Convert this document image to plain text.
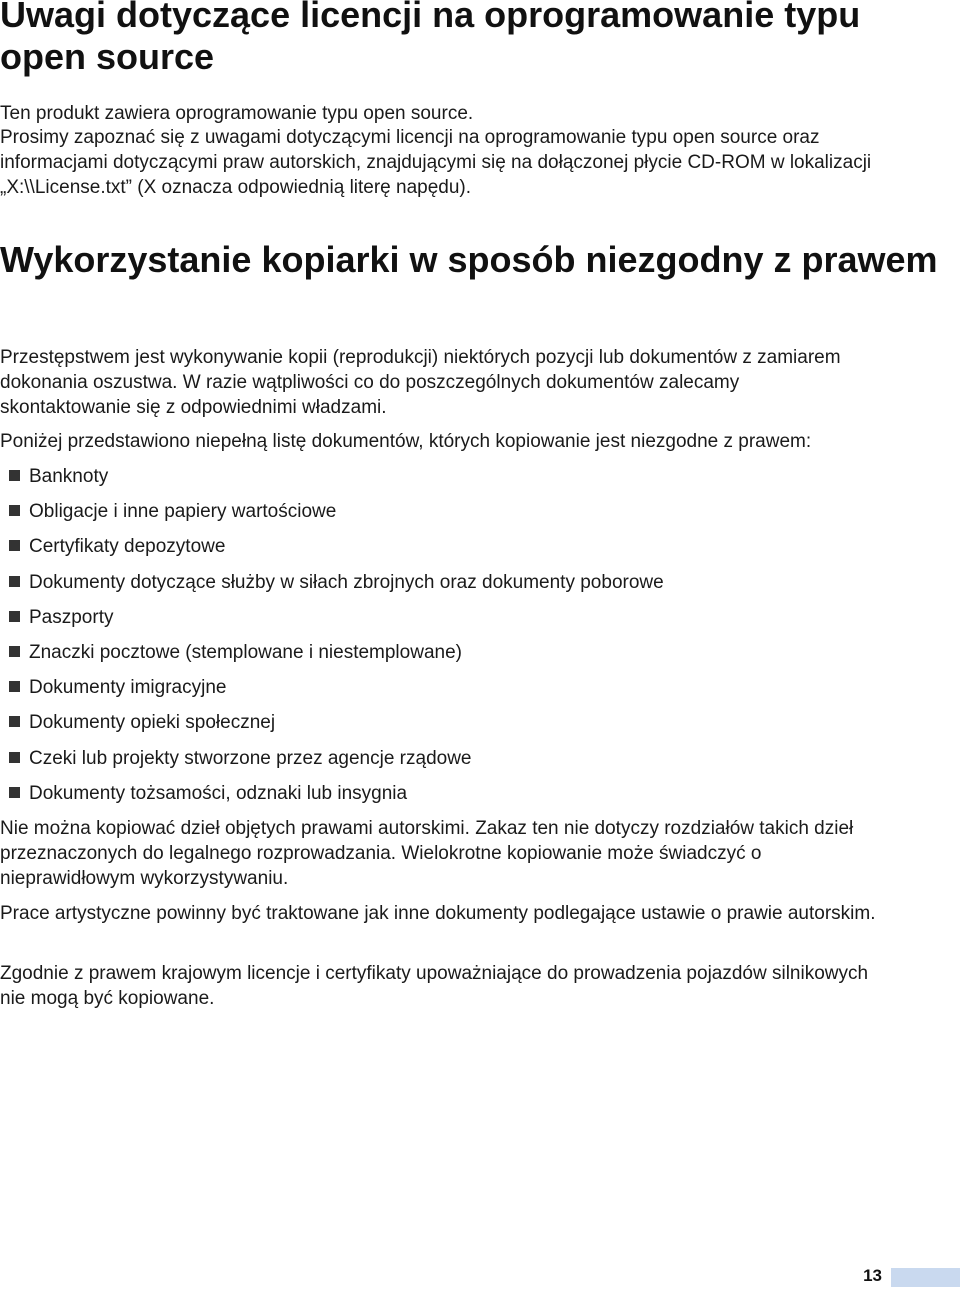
Uwagi dotyczące licencji na oprogramowanie typu open source

Ten produkt zawiera oprogramowanie typu open source.

Prosimy zapoznać się z uwagami dotyczącymi licencji na oprogramowanie typu open source oraz informacjami dotyczącymi praw autorskich, znajdującymi się na dołączonej płycie CD-ROM w lokalizacji „X:\\License.txt” (X oznacza odpowiednią literę napędu).

Wykorzystanie kopiarki w sposób niezgodny z prawem

Przestępstwem jest wykonywanie kopii (reprodukcji) niektórych pozycji lub dokumentów z zamiarem dokonania oszustwa. W razie wątpliwości co do poszczególnych dokumentów zalecamy skontaktowanie się z odpowiednimi władzami.

Poniżej przedstawiono niepełną listę dokumentów, których kopiowanie jest niezgodne z prawem:

Banknoty
Obligacje i inne papiery wartościowe
Certyfikaty depozytowe
Dokumenty dotyczące służby w siłach zbrojnych oraz dokumenty poborowe
Paszporty
Znaczki pocztowe (stemplowane i niestemplowane)
Dokumenty imigracyjne
Dokumenty opieki społecznej
Czeki lub projekty stworzone przez agencje rządowe
Dokumenty tożsamości, odznaki lub insygnia

Nie można kopiować dzieł objętych prawami autorskimi. Zakaz ten nie dotyczy rozdziałów takich dzieł przeznaczonych do legalnego rozprowadzania. Wielokrotne kopiowanie może świadczyć o nieprawidłowym wykorzystywaniu.

Prace artystyczne powinny być traktowane jak inne dokumenty podlegające ustawie o prawie autorskim.

Zgodnie z prawem krajowym licencje i certyfikaty upoważniające do prowadzenia pojazdów silnikowych nie mogą być kopiowane.

13
